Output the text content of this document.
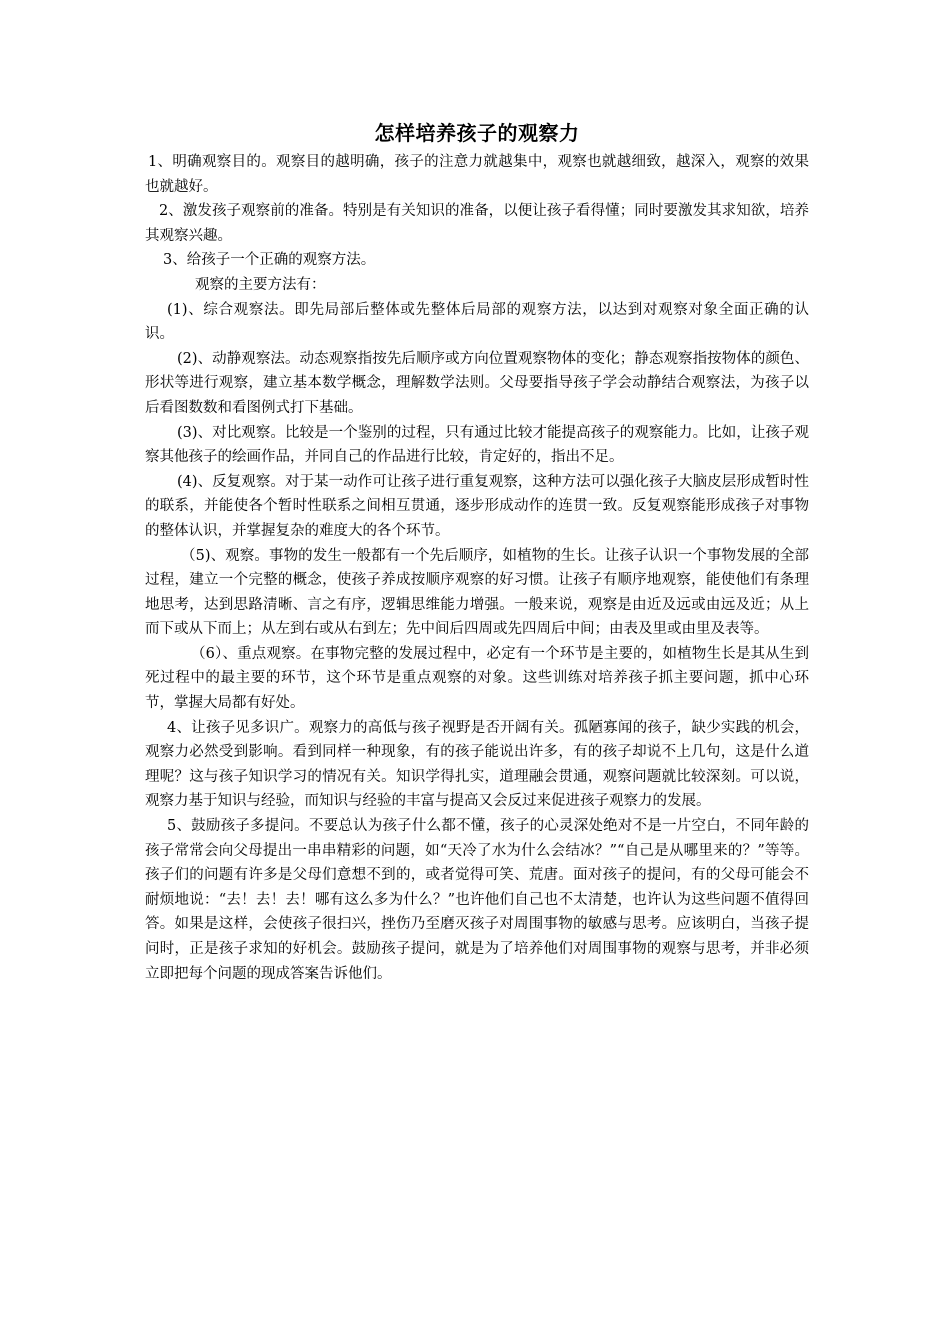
怎样培养孩子的观察力

1、明确观察目的。观察目的越明确，孩子的注意力就越集中，观察也就越细致，越深入，观察的效果也就越好。

2、激发孩子观察前的准备。特别是有关知识的准备，以便让孩子看得懂；同时要激发其求知欲，培养其观察兴趣。

3、给孩子一个正确的观察方法。

观察的主要方法有：

(1)、综合观察法。即先局部后整体或先整体后局部的观察方法，以达到对观察对象全面正确的认识。

(2)、动静观察法。动态观察指按先后顺序或方向位置观察物体的变化；静态观察指按物体的颜色、形状等进行观察，建立基本数学概念，理解数学法则。父母要指导孩子学会动静结合观察法，为孩子以后看图数数和看图例式打下基础。

(3)、对比观察。比较是一个鉴别的过程，只有通过比较才能提高孩子的观察能力。比如，让孩子观察其他孩子的绘画作品，并同自己的作品进行比较，肯定好的，指出不足。

(4)、反复观察。对于某一动作可让孩子进行重复观察，这种方法可以强化孩子大脑皮层形成暂时性的联系，并能使各个暂时性联系之间相互贯通，逐步形成动作的连贯一致。反复观察能形成孩子对事物的整体认识，并掌握复杂的难度大的各个环节。

（5)、观察。事物的发生一般都有一个先后顺序，如植物的生长。让孩子认识一个事物发展的全部过程，建立一个完整的概念，使孩子养成按顺序观察的好习惯。让孩子有顺序地观察，能使他们有条理地思考，达到思路清晰、言之有序，逻辑思维能力增强。一般来说，观察是由近及远或由远及近；从上而下或从下而上；从左到右或从右到左；先中间后四周或先四周后中间；由表及里或由里及表等。

（6）、重点观察。在事物完整的发展过程中，必定有一个环节是主要的，如植物生长是其从生到死过程中的最主要的环节，这个环节是重点观察的对象。这些训练对培养孩子抓主要问题，抓中心环节，掌握大局都有好处。

4、让孩子见多识广。观察力的高低与孩子视野是否开阔有关。孤陋寡闻的孩子，缺少实践的机会，观察力必然受到影响。看到同样一种现象，有的孩子能说出许多，有的孩子却说不上几句，这是什么道理呢？这与孩子知识学习的情况有关。知识学得扎实，道理融会贯通，观察问题就比较深刻。可以说，观察力基于知识与经验，而知识与经验的丰富与提高又会反过来促进孩子观察力的发展。

5、鼓励孩子多提问。不要总认为孩子什么都不懂，孩子的心灵深处绝对不是一片空白，不同年龄的孩子常常会向父母提出一串串精彩的问题，如“天冷了水为什么会结冰？”“自己是从哪里来的？”等等。孩子们的问题有许多是父母们意想不到的，或者觉得可笑、荒唐。面对孩子的提问，有的父母可能会不耐烦地说：“去！去！去！哪有这么多为什么？”也许他们自己也不太清楚，也许认为这些问题不值得回答。如果是这样，会使孩子很扫兴，挫伤乃至磨灭孩子对周围事物的敏感与思考。应该明白，当孩子提问时，正是孩子求知的好机会。鼓励孩子提问，就是为了培养他们对周围事物的观察与思考，并非必须立即把每个问题的现成答案告诉他们。
